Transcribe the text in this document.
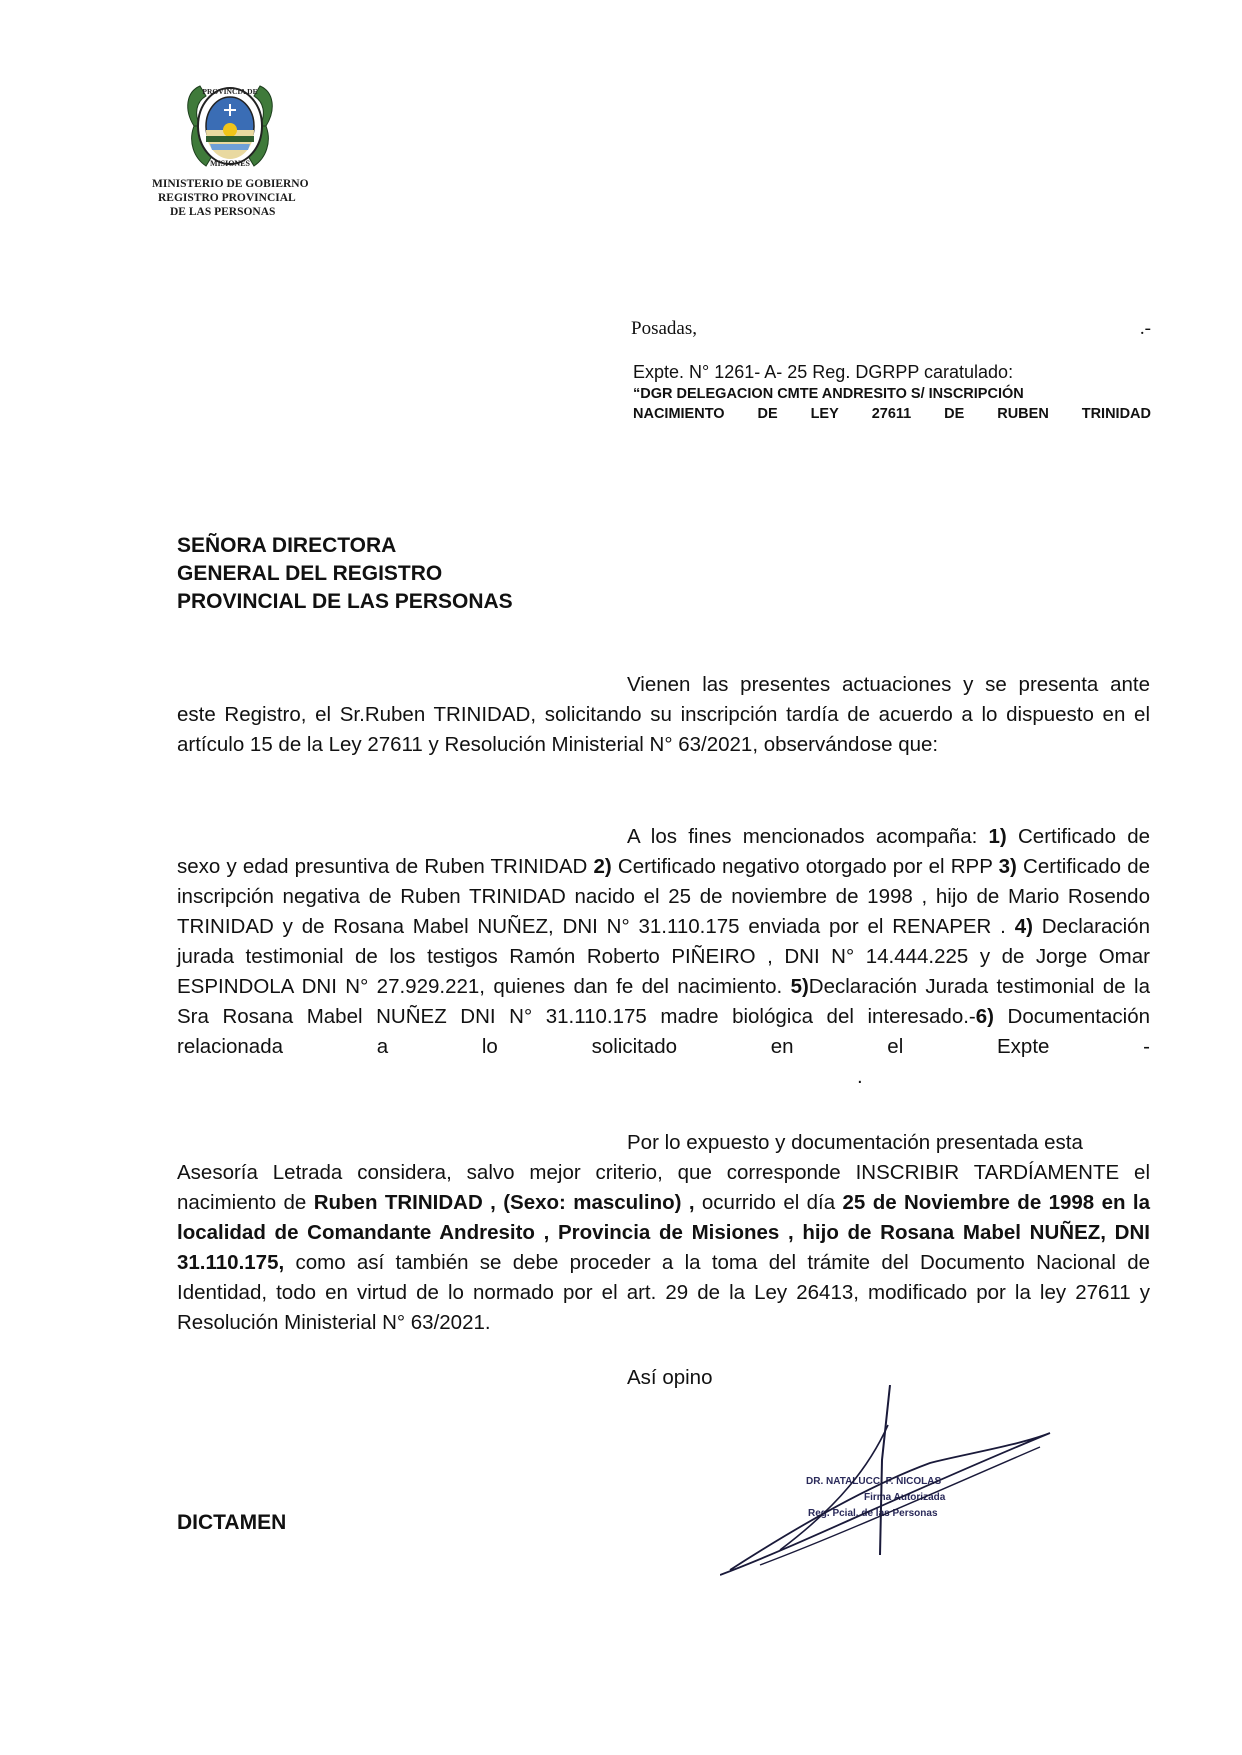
PROVINCIA DE
MISIONES
MINISTERIO DE GOBIERNO
REGISTRO PROVINCIAL
DE LAS PERSONAS
Posadas,	.-
Expte. N° 1261- A- 25 Reg. DGRPP caratulado:
“DGR DELEGACION CMTE ANDRESITO S/ INSCRIPCIÓN
NACIMIENTO DE LEY 27611 DE RUBEN TRINIDAD
SEÑORA DIRECTORA
GENERAL DEL REGISTRO
PROVINCIAL DE LAS PERSONAS
Vienen las presentes actuaciones y se presenta ante este Registro, el Sr.Ruben TRINIDAD, solicitando su inscripción tardía de acuerdo a lo dispuesto en el artículo 15 de la Ley 27611 y Resolución Ministerial N° 63/2021, observándose que:
A los fines mencionados acompaña: 1) Certificado de sexo y edad presuntiva de Ruben TRINIDAD 2) Certificado negativo otorgado por el RPP 3) Certificado de inscripción negativa de Ruben TRINIDAD nacido el 25 de noviembre de 1998 , hijo de Mario Rosendo TRINIDAD y de Rosana Mabel NUÑEZ, DNI N° 31.110.175 enviada por el RENAPER . 4) Declaración jurada testimonial de los testigos Ramón Roberto PIÑEIRO , DNI N° 14.444.225 y de Jorge Omar ESPINDOLA DNI N° 27.929.221, quienes dan fe del nacimiento. 5)Declaración Jurada testimonial de la Sra Rosana Mabel NUÑEZ DNI N° 31.110.175 madre biológica del interesado.-6) Documentación relacionada a lo solicitado en el Expte - .
Por lo expuesto y documentación presentada esta
Asesoría Letrada considera, salvo mejor criterio, que corresponde INSCRIBIR TARDÍAMENTE el nacimiento de Ruben TRINIDAD , (Sexo: masculino) , ocurrido el día 25 de Noviembre de 1998 en la localidad de Comandante Andresito , Provincia de Misiones , hijo de Rosana Mabel NUÑEZ, DNI 31.110.175, como así también se debe proceder a la toma del trámite del Documento Nacional de Identidad, todo en virtud de lo normado por el art. 29 de la Ley 26413, modificado por la ley 27611 y Resolución Ministerial N° 63/2021.
Así opino
DICTAMEN
DR. NATALUCCI F. NICOLAS
Firma Autorizada
Reg. Pcial. de las Personas
